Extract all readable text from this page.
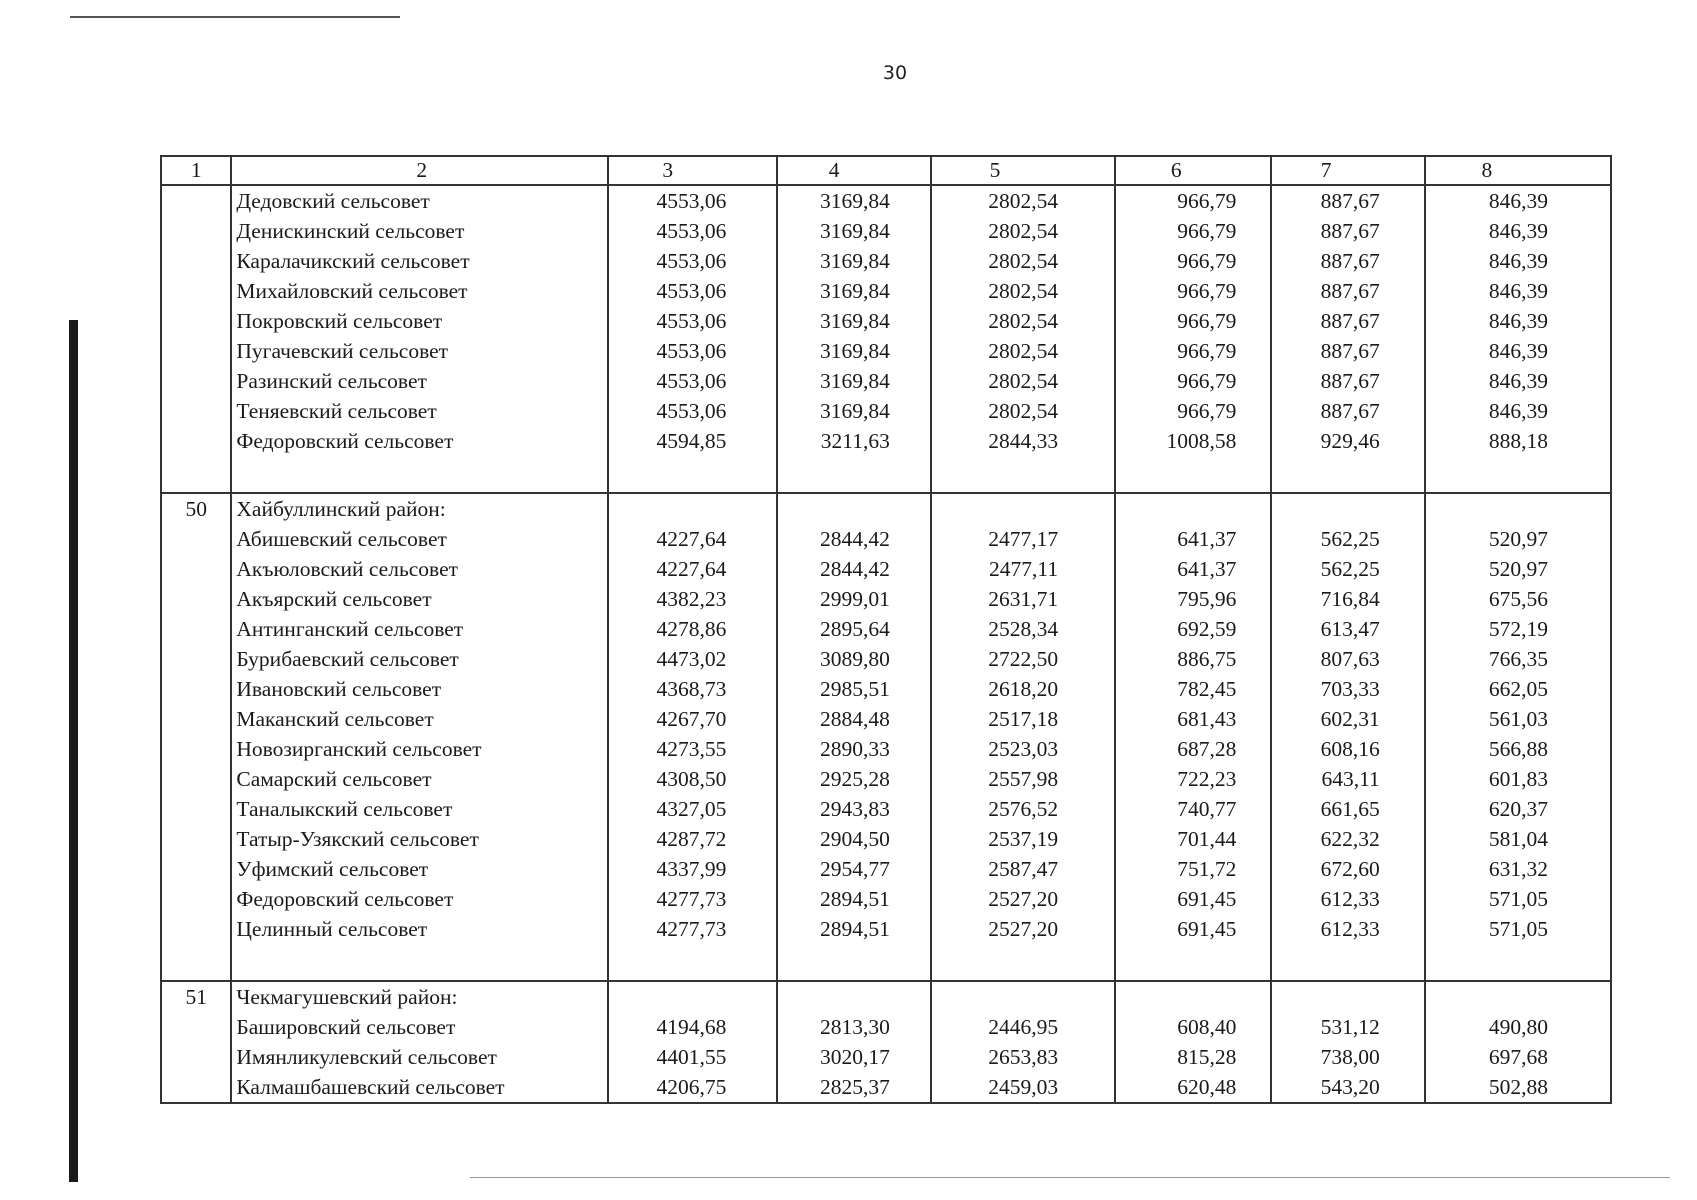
30
1	2	3	4	5	6	7	8
	Дедовский сельсовет	4553,06	3169,84	2802,54	966,79	887,67	846,39
	Денискинский сельсовет	4553,06	3169,84	2802,54	966,79	887,67	846,39
	Каралачикский сельсовет	4553,06	3169,84	2802,54	966,79	887,67	846,39
	Михайловский сельсовет	4553,06	3169,84	2802,54	966,79	887,67	846,39
	Покровский сельсовет	4553,06	3169,84	2802,54	966,79	887,67	846,39
	Пугачевский сельсовет	4553,06	3169,84	2802,54	966,79	887,67	846,39
	Разинский сельсовет	4553,06	3169,84	2802,54	966,79	887,67	846,39
	Теняевский сельсовет	4553,06	3169,84	2802,54	966,79	887,67	846,39
	Федоровский сельсовет	4594,85	3211,63	2844,33	1008,58	929,46	888,18

50	Хайбуллинский район:						
	Абишевский сельсовет	4227,64	2844,42	2477,17	641,37	562,25	520,97
	Акъюловский сельсовет	4227,64	2844,42	2477,11	641,37	562,25	520,97
	Акъярский сельсовет	4382,23	2999,01	2631,71	795,96	716,84	675,56
	Антинганский сельсовет	4278,86	2895,64	2528,34	692,59	613,47	572,19
	Бурибаевский сельсовет	4473,02	3089,80	2722,50	886,75	807,63	766,35
	Ивановский сельсовет	4368,73	2985,51	2618,20	782,45	703,33	662,05
	Маканский сельсовет	4267,70	2884,48	2517,18	681,43	602,31	561,03
	Новозирганский сельсовет	4273,55	2890,33	2523,03	687,28	608,16	566,88
	Самарский сельсовет	4308,50	2925,28	2557,98	722,23	643,11	601,83
	Таналыкский сельсовет	4327,05	2943,83	2576,52	740,77	661,65	620,37
	Татыр-Узякский сельсовет	4287,72	2904,50	2537,19	701,44	622,32	581,04
	Уфимский сельсовет	4337,99	2954,77	2587,47	751,72	672,60	631,32
	Федоровский сельсовет	4277,73	2894,51	2527,20	691,45	612,33	571,05
	Целинный сельсовет	4277,73	2894,51	2527,20	691,45	612,33	571,05

51	Чекмагушевский район:						
	Башировский сельсовет	4194,68	2813,30	2446,95	608,40	531,12	490,80
	Имянликулевский сельсовет	4401,55	3020,17	2653,83	815,28	738,00	697,68
	Калмашбашевский сельсовет	4206,75	2825,37	2459,03	620,48	543,20	502,88
